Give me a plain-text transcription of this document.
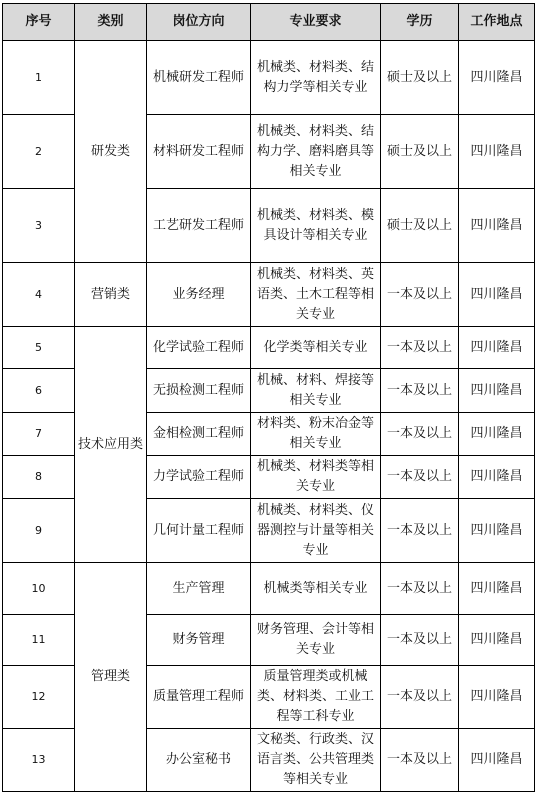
序号	类别	岗位方向	专业要求	学历	工作地点
1	研发类	机械研发工程师	机械类、材料类、结构力学等相关专业	硕士及以上	四川隆昌
2		材料研发工程师	机械类、材料类、结构力学、磨料磨具等相关专业	硕士及以上	四川隆昌
3		工艺研发工程师	机械类、材料类、模具设计等相关专业	硕士及以上	四川隆昌
4	营销类	业务经理	机械类、材料类、英语类、土木工程等相关专业	一本及以上	四川隆昌
5	技术应用类	化学试验工程师	化学类等相关专业	一本及以上	四川隆昌
6		无损检测工程师	机械、材料、焊接等相关专业	一本及以上	四川隆昌
7		金相检测工程师	材料类、粉末冶金等相关专业	一本及以上	四川隆昌
8		力学试验工程师	机械类、材料类等相关专业	一本及以上	四川隆昌
9		几何计量工程师	机械类、材料类、仪器测控与计量等相关专业	一本及以上	四川隆昌
10	管理类	生产管理	机械类等相关专业	一本及以上	四川隆昌
11		财务管理	财务管理、会计等相关专业	一本及以上	四川隆昌
12		质量管理工程师	质量管理类或机械类、材料类、工业工程等工科专业	一本及以上	四川隆昌
13		办公室秘书	文秘类、行政类、汉语言类、公共管理类等相关专业	一本及以上	四川隆昌
